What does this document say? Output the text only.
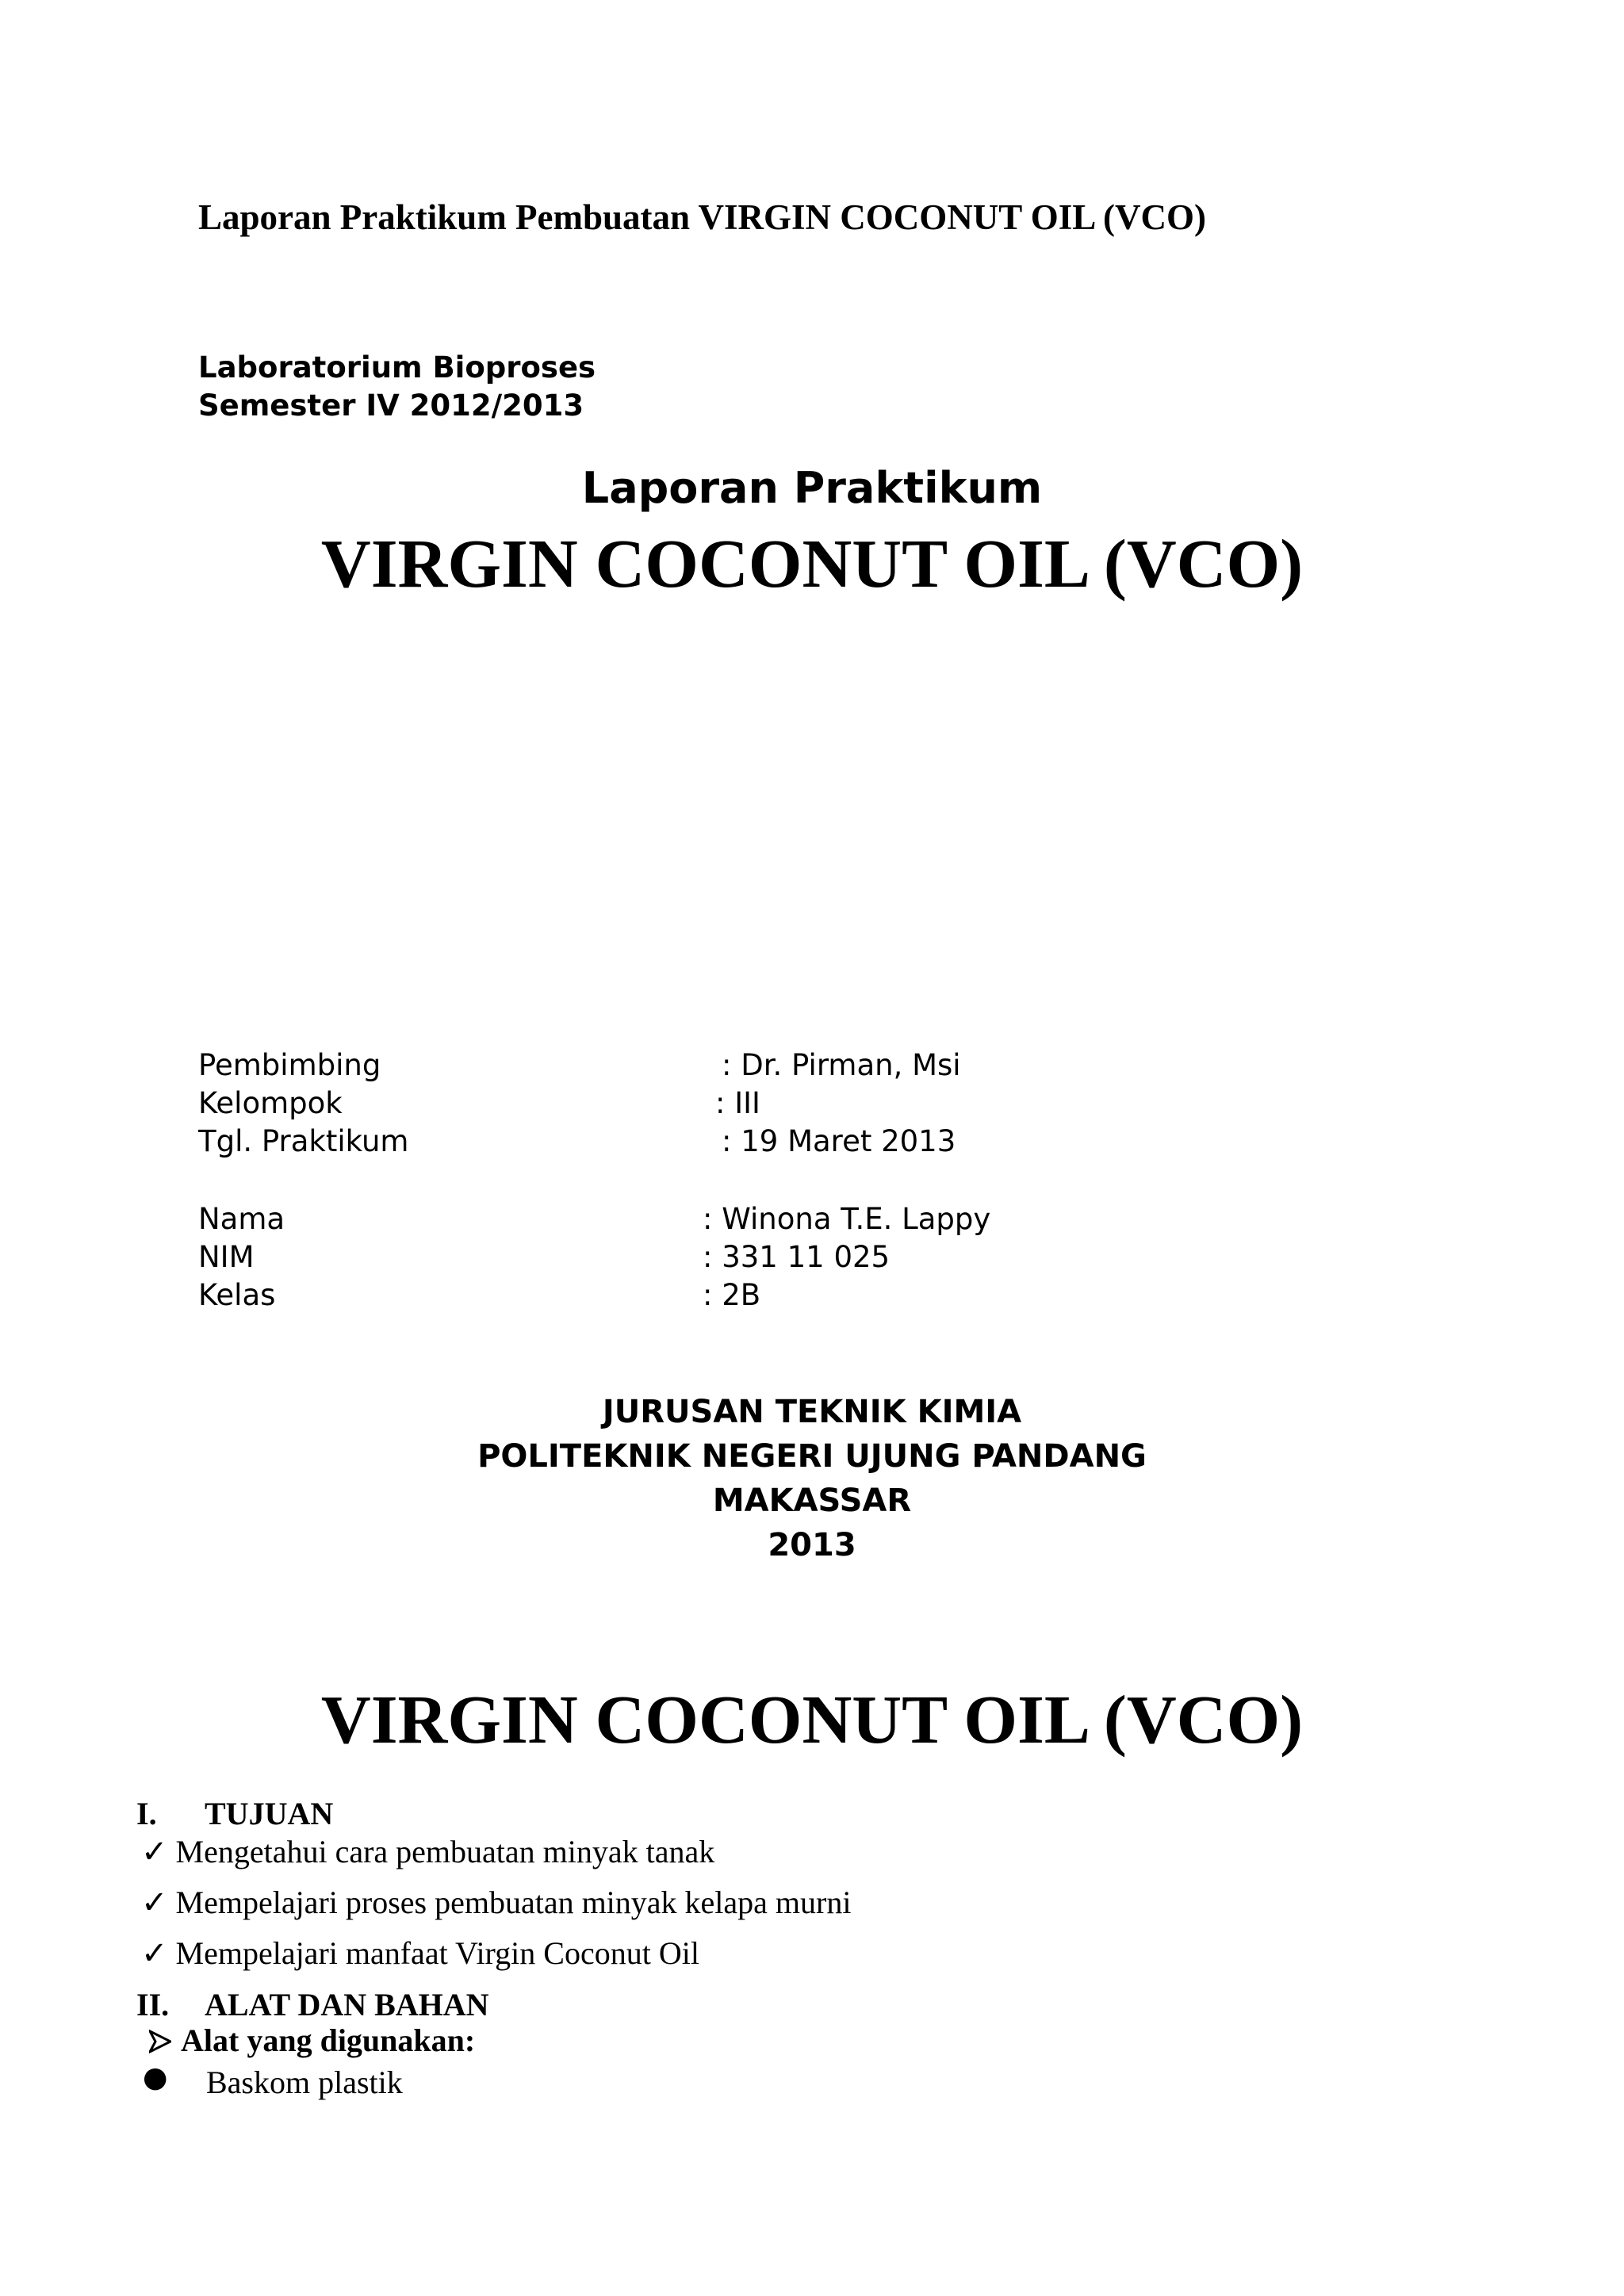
Laporan Praktikum Pembuatan VIRGIN COCONUT OIL (VCO)
Laboratorium Bioproses
Semester IV 2012/2013
Laporan Praktikum
VIRGIN COCONUT OIL (VCO)
Pembimbing	: Dr. Pirman, Msi
Kelompok	: III
Tgl. Praktikum	: 19 Maret 2013
Nama	: Winona T.E. Lappy
NIM	: 331 11 025
Kelas	: 2B
JURUSAN TEKNIK KIMIA
POLITEKNIK NEGERI UJUNG PANDANG
MAKASSAR
2013
VIRGIN COCONUT OIL (VCO)
I. TUJUAN
✓ Mengetahui cara pembuatan minyak tanak
✓ Mempelajari proses pembuatan minyak kelapa murni
✓ Mempelajari manfaat Virgin Coconut Oil
II. ALAT DAN BAHAN
Alat yang digunakan:
● Baskom plastik
